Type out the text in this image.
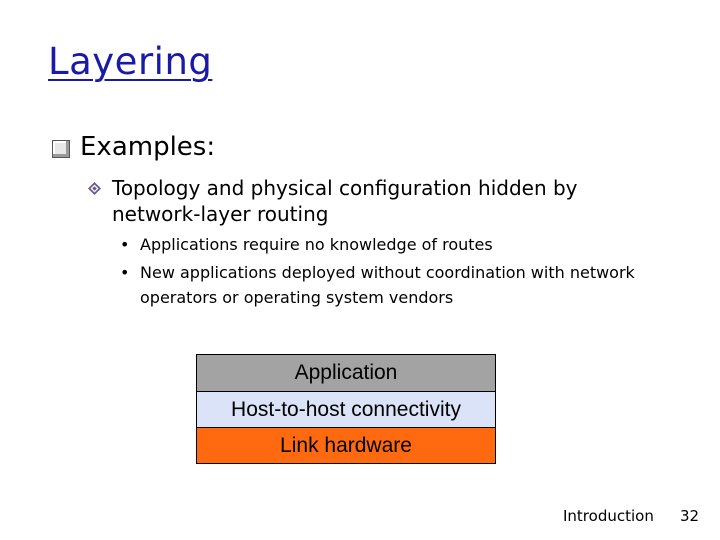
Layering
Examples:
Topology and physical configuration hidden by network-layer routing
• Applications require no knowledge of routes
• New applications deployed without coordination with network operators or operating system vendors
Application
Host-to-host connectivity
Link hardware
Introduction 32
